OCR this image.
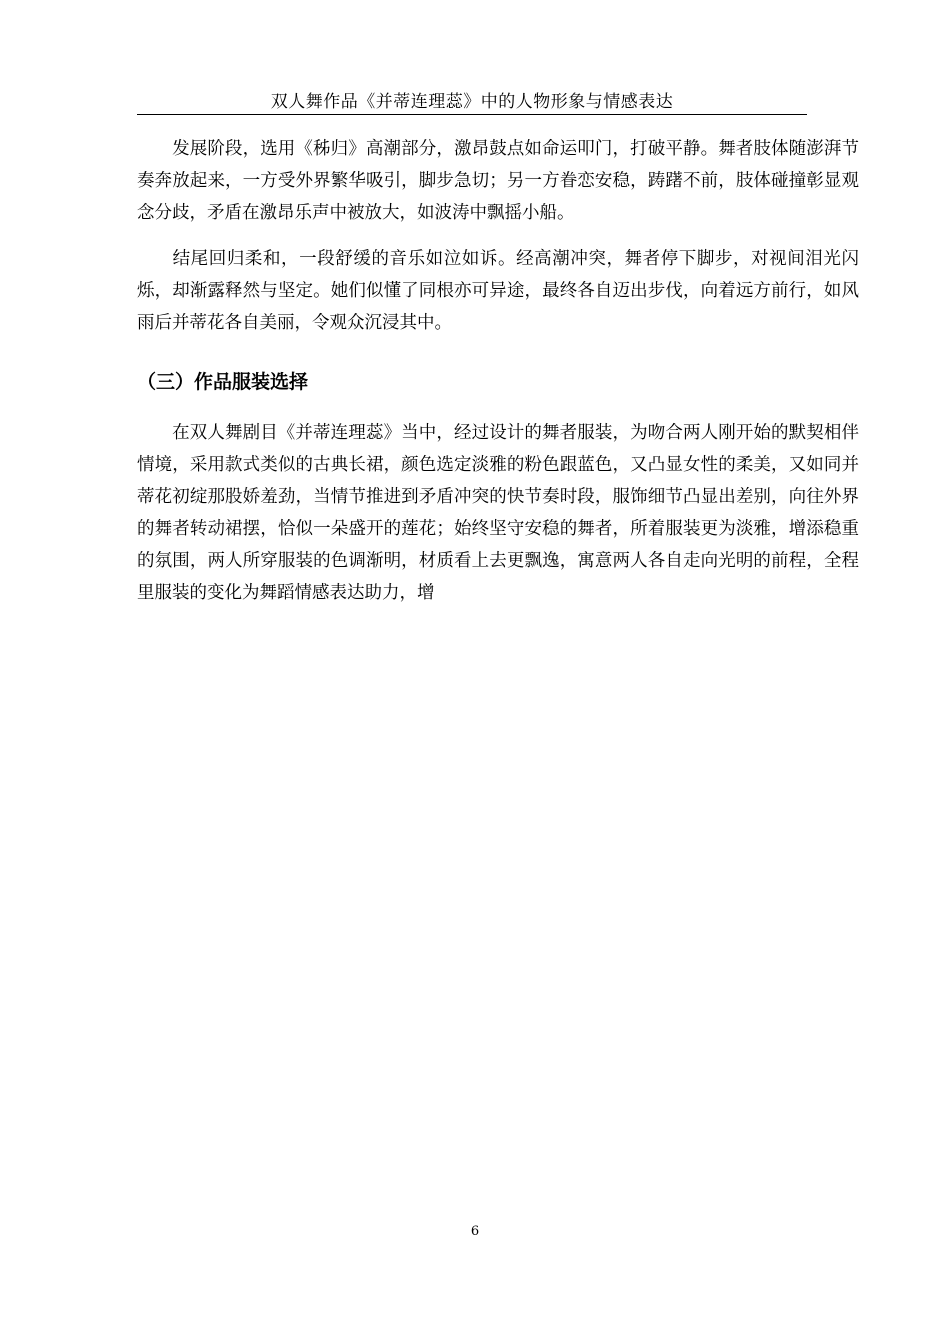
双人舞作品《并蒂连理蕊》中的人物形象与情感表达

发展阶段，选用《秭归》高潮部分，激昂鼓点如命运叩门，打破平静。舞者肢体随澎湃节奏奔放起来，一方受外界繁华吸引，脚步急切；另一方眷恋安稳，踌躇不前，肢体碰撞彰显观念分歧，矛盾在激昂乐声中被放大，如波涛中飘摇小船。

结尾回归柔和，一段舒缓的音乐如泣如诉。经高潮冲突，舞者停下脚步，对视间泪光闪烁，却渐露释然与坚定。她们似懂了同根亦可异途，最终各自迈出步伐，向着远方前行，如风雨后并蒂花各自美丽，令观众沉浸其中。

（三）作品服装选择

在双人舞剧目《并蒂连理蕊》当中，经过设计的舞者服装，为吻合两人刚开始的默契相伴情境，采用款式类似的古典长裙，颜色选定淡雅的粉色跟蓝色，又凸显女性的柔美，又如同并蒂花初绽那股娇羞劲，当情节推进到矛盾冲突的快节奏时段，服饰细节凸显出差别，向往外界的舞者转动裙摆，恰似一朵盛开的莲花；始终坚守安稳的舞者，所着服装更为淡雅，增添稳重的氛围，两人所穿服装的色调渐明，材质看上去更飘逸，寓意两人各自走向光明的前程，全程里服装的变化为舞蹈情感表达助力，增

6
